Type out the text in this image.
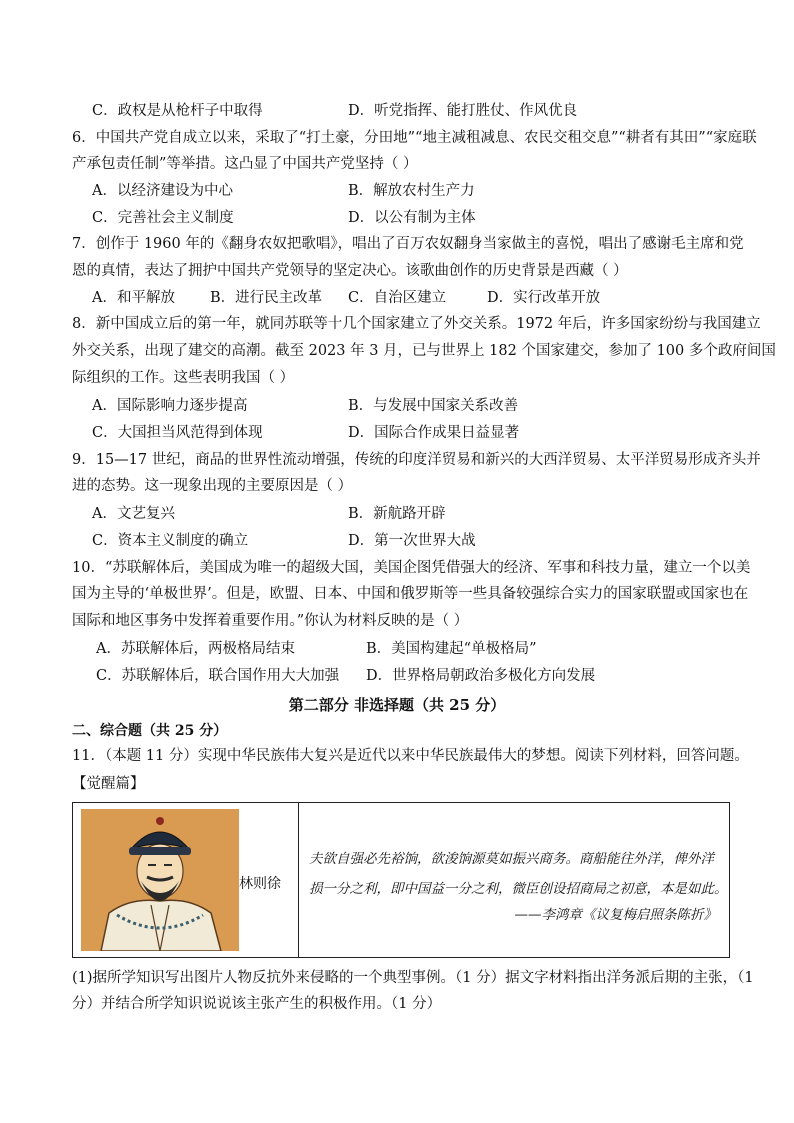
C．政权是从枪杆子中取得	D．听党指挥、能打胜仗、作风优良
6．中国共产党自成立以来，采取了“打土豪，分田地”“地主减租减息、农民交租交息”“耕者有其田”“家庭联
产承包责任制”等举措。这凸显了中国共产党坚持（ ）
A．以经济建设为中心	B．解放农村生产力
C．完善社会主义制度	D．以公有制为主体
7．创作于 1960 年的《翻身农奴把歌唱》，唱出了百万农奴翻身当家做主的喜悦，唱出了感谢毛主席和党
恩的真情，表达了拥护中国共产党领导的坚定决心。该歌曲创作的历史背景是西藏（ ）
A．和平解放 B．进行民主改革 C．自治区建立	D．实行改革开放
8．新中国成立后的第一年，就同苏联等十几个国家建立了外交关系。1972 年后，许多国家纷纷与我国建立
外交关系，出现了建交的高潮。截至 2023 年 3 月，已与世界上 182 个国家建交，参加了 100 多个政府间国
际组织的工作。这些表明我国（ ）
A．国际影响力逐步提高	B．与发展中国家关系改善
C．大国担当风范得到体现	D．国际合作成果日益显著
9．15—17 世纪，商品的世界性流动增强，传统的印度洋贸易和新兴的大西洋贸易、太平洋贸易形成齐头并
进的态势。这一现象出现的主要原因是（ ）
A．文艺复兴	B．新航路开辟
C．资本主义制度的确立	D．第一次世界大战
10．“苏联解体后，美国成为唯一的超级大国，美国企图凭借强大的经济、军事和科技力量，建立一个以美
国为主导的‘单极世界’。但是，欧盟、日本、中国和俄罗斯等一些具备较强综合实力的国家联盟或国家也在
国际和地区事务中发挥着重要作用。”你认为材料反映的是（ ）
A．苏联解体后，两极格局结束	B．美国构建起“单极格局”
C．苏联解体后，联合国作用大大加强 D．世界格局朝政治多极化方向发展
第二部分 非选择题（共 25 分）
二、综合题（共 25 分）
11．（本题 11 分）实现中华民族伟大复兴是近代以来中华民族最伟大的梦想。阅读下列材料，回答问题。
【觉醒篇】
林则徐
夫欲自强必先裕饷，欲浚饷源莫如振兴商务。商船能往外洋，俾外洋
损一分之利，即中国益一分之利，微臣创设招商局之初意，本是如此。
——李鸿章《议复梅启照条陈折》
(1)据所学知识写出图片人物反抗外来侵略的一个典型事例。（1 分）据文字材料指出洋务派后期的主张，（1
分）并结合所学知识说说该主张产生的积极作用。（1 分）
